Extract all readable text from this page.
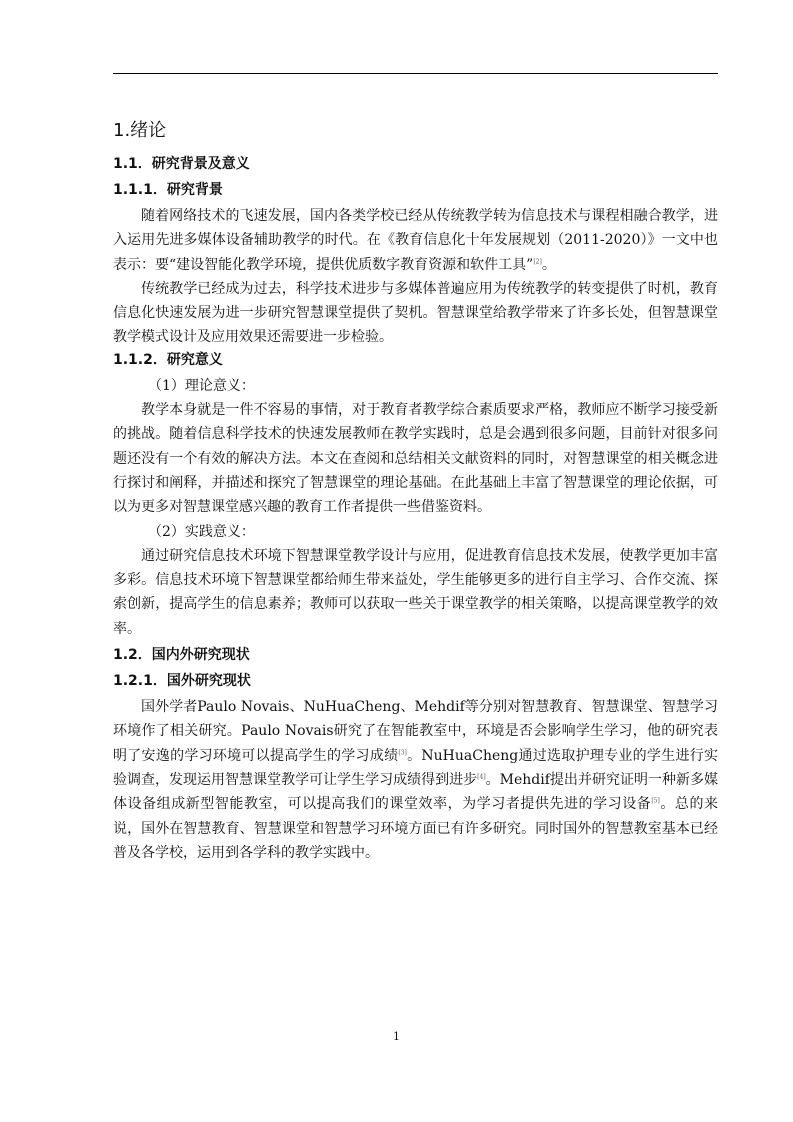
1.绪论
1.1．研究背景及意义
1.1.1．研究背景

随着网络技术的飞速发展，国内各类学校已经从传统教学转为信息技术与课程相融合教学，进入运用先进多媒体设备辅助教学的时代。在《教育信息化十年发展规划（2011-2020）》一文中也表示：要“建设智能化教学环境，提供优质数字教育资源和软件工具”[2]。

传统教学已经成为过去，科学技术进步与多媒体普遍应用为传统教学的转变提供了时机，教育信息化快速发展为进一步研究智慧课堂提供了契机。智慧课堂给教学带来了许多长处，但智慧课堂教学模式设计及应用效果还需要进一步检验。

1.1.2．研究意义

（1）理论意义：

教学本身就是一件不容易的事情，对于教育者教学综合素质要求严格，教师应不断学习接受新的挑战。随着信息科学技术的快速发展教师在教学实践时，总是会遇到很多问题，目前针对很多问题还没有一个有效的解决方法。本文在查阅和总结相关文献资料的同时，对智慧课堂的相关概念进行探讨和阐释，并描述和探究了智慧课堂的理论基础。在此基础上丰富了智慧课堂的理论依据，可以为更多对智慧课堂感兴趣的教育工作者提供一些借鉴资料。

（2）实践意义：

通过研究信息技术环境下智慧课堂教学设计与应用，促进教育信息技术发展，使教学更加丰富多彩。信息技术环境下智慧课堂都给师生带来益处，学生能够更多的进行自主学习、合作交流、探索创新，提高学生的信息素养；教师可以获取一些关于课堂教学的相关策略，以提高课堂教学的效率。

1.2．国内外研究现状
1.2.1．国外研究现状

国外学者Paulo Novais、NuHuaCheng、Mehdif等分别对智慧教育、智慧课堂、智慧学习环境作了相关研究。Paulo Novais研究了在智能教室中，环境是否会影响学生学习，他的研究表明了安逸的学习环境可以提高学生的学习成绩[3]。NuHuaCheng通过选取护理专业的学生进行实验调查，发现运用智慧课堂教学可让学生学习成绩得到进步[4]。Mehdif提出并研究证明一种新多媒体设备组成新型智能教室，可以提高我们的课堂效率，为学习者提供先进的学习设备[5]。总的来说，国外在智慧教育、智慧课堂和智慧学习环境方面已有许多研究。同时国外的智慧教室基本已经普及各学校，运用到各学科的教学实践中。

1
